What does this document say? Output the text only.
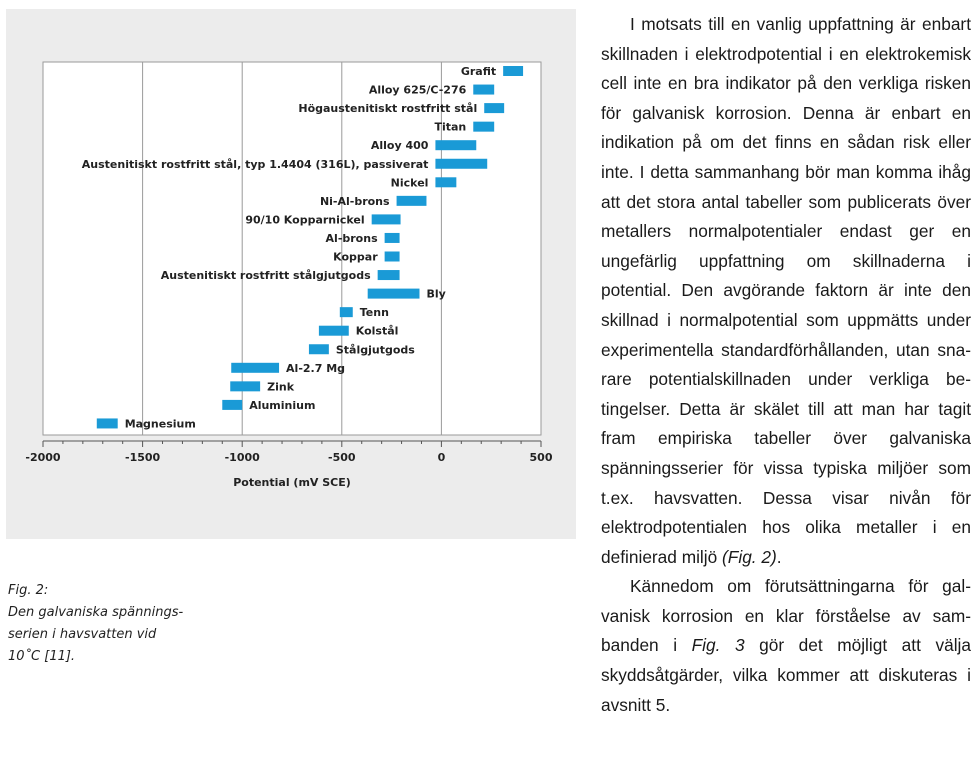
-2000	-1500	-1000	-500	0	500
Grafit
Alloy 625/C-276
Högaustenitiskt rostfritt stål
Titan
Alloy 400
Austenitiskt rostfritt stål, typ 1.4404 (316L), passiverat
Nickel
Ni-Al-brons
90/10 Kopparnickel
Al-brons
Koppar
Austenitiskt rostfritt stålgjutgods
Bly
Tenn
Kolstål
Stålgjutgods
Al-2.7 Mg
Zink
Aluminium
Magnesium
Potential (mV SCE)
Fig. 2:
Den galvaniska spännings-
serien i havsvatten vid
10˚C [11].

I motsats till en vanlig uppfattning är enbart skillnaden i elektrodpotential i en elektrokemisk cell inte en bra indikator på den verkliga risken för galvanisk korrosion. Denna är enbart en indikation på om det finns en sådan risk eller inte. I detta sammanhang bör man komma ihåg att det stora antal tabeller som publicerats över metallers normalpotentialer endast ger en ungefärlig uppfattning om skillnaderna i potential. Den avgörande faktorn är inte den skillnad i normalpotential som uppmätts under experimentella standardförhållanden, utan snarare potentialskillnaden under verkliga betingelser. Detta är skälet till att man har tagit fram empiriska tabeller över galvaniska spänningsserier för vissa typiska miljöer som t.ex. havsvatten. Dessa visar nivån för elektrodpotentialen hos olika metaller i en definierad miljö (Fig. 2).

Kännedom om förutsättningarna för galvanisk korrosion en klar förståelse av sambanden i Fig. 3 gör det möjligt att välja skyddsåtgärder, vilka kommer att diskuteras i avsnitt 5.
